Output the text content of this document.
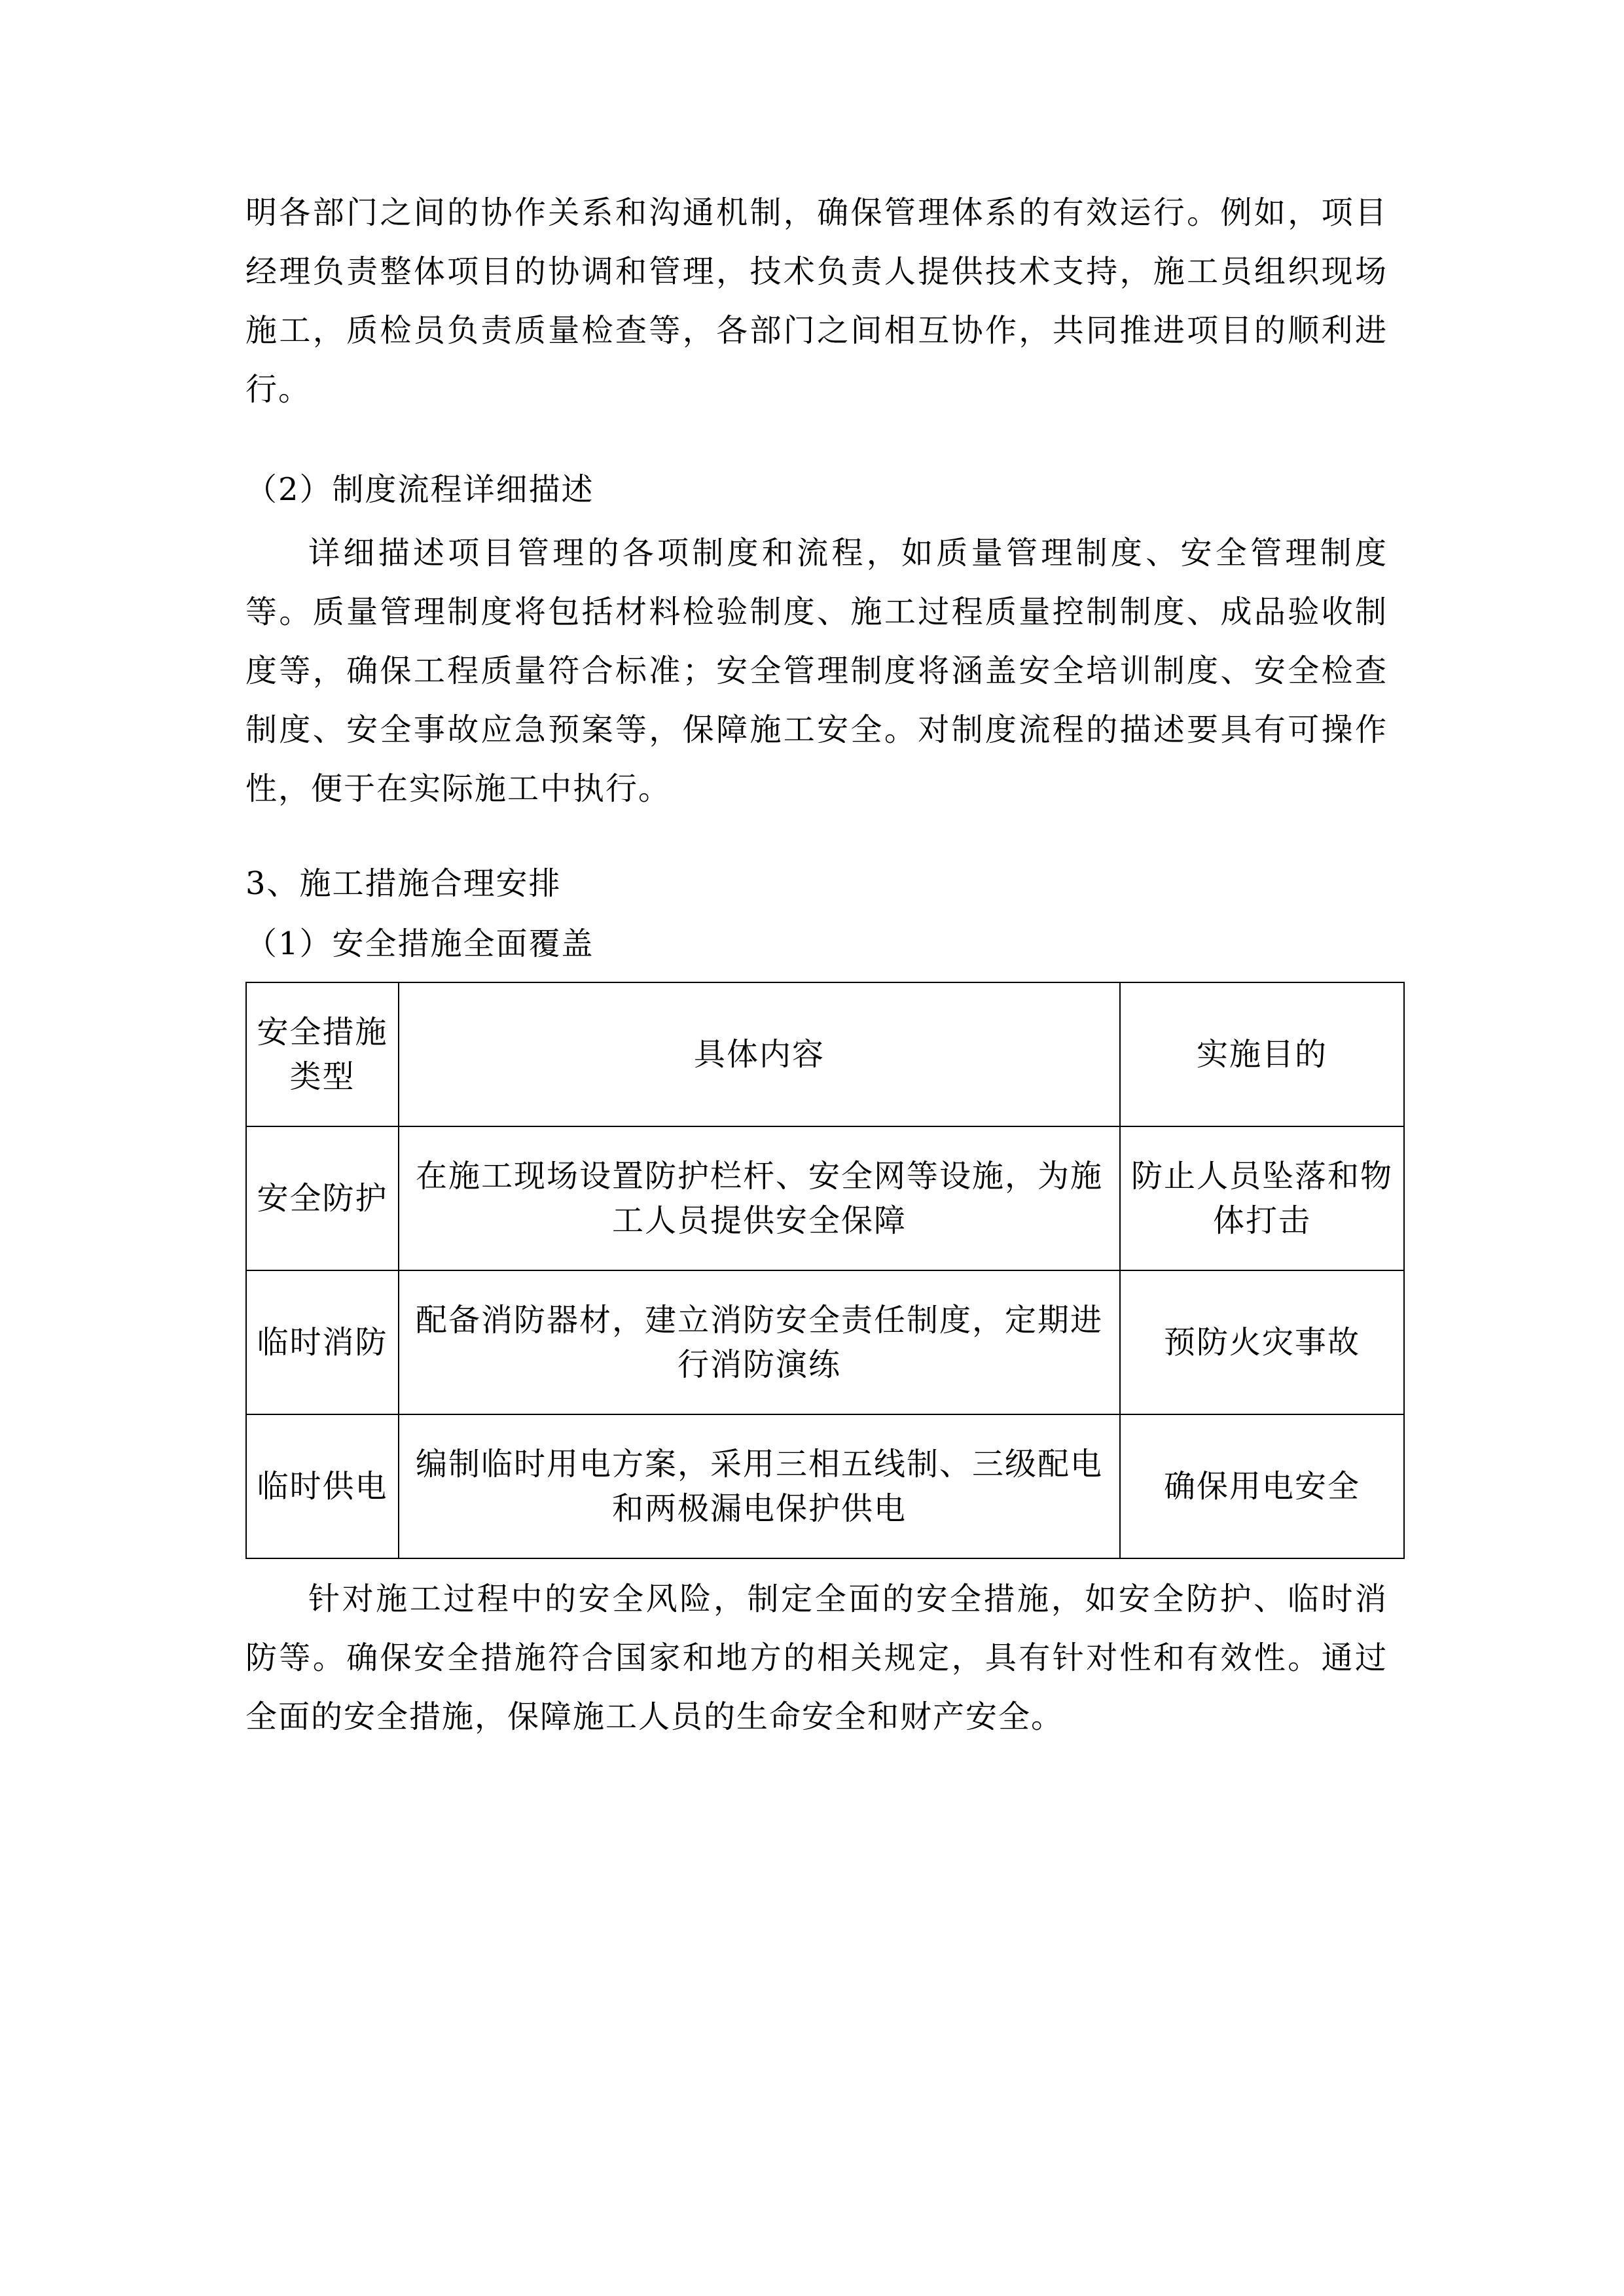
明各部门之间的协作关系和沟通机制，确保管理体系的有效运行。例如，项目经理负责整体项目的协调和管理，技术负责人提供技术支持，施工员组织现场施工，质检员负责质量检查等，各部门之间相互协作，共同推进项目的顺利进行。

（2）制度流程详细描述

详细描述项目管理的各项制度和流程，如质量管理制度、安全管理制度等。质量管理制度将包括材料检验制度、施工过程质量控制制度、成品验收制度等，确保工程质量符合标准；安全管理制度将涵盖安全培训制度、安全检查制度、安全事故应急预案等，保障施工安全。对制度流程的描述要具有可操作性，便于在实际施工中执行。

3、施工措施合理安排

（1）安全措施全面覆盖

安全措施类型	具体内容	实施目的
安全防护	在施工现场设置防护栏杆、安全网等设施，为施工人员提供安全保障	防止人员坠落和物体打击
临时消防	配备消防器材，建立消防安全责任制度，定期进行消防演练	预防火灾事故
临时供电	编制临时用电方案，采用三相五线制、三级配电和两极漏电保护供电	确保用电安全

针对施工过程中的安全风险，制定全面的安全措施，如安全防护、临时消防等。确保安全措施符合国家和地方的相关规定，具有针对性和有效性。通过全面的安全措施，保障施工人员的生命安全和财产安全。
